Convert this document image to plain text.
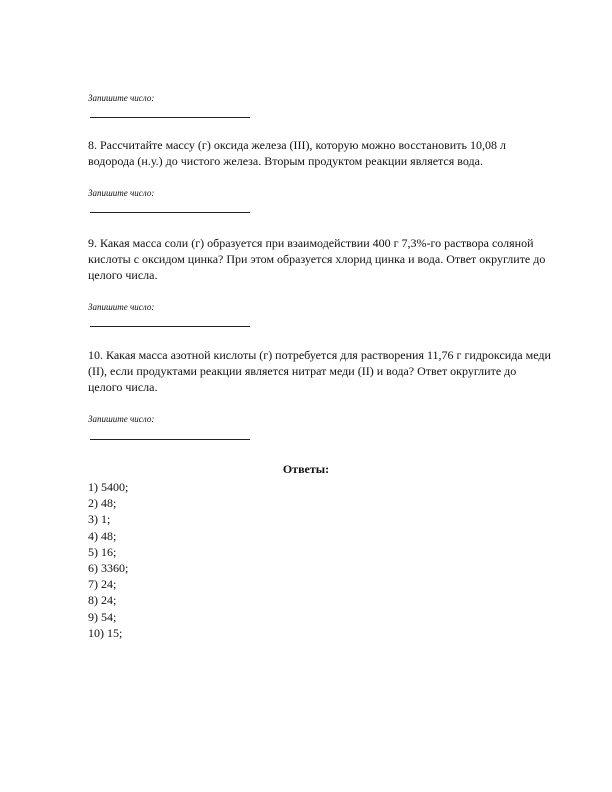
Запишите число:
8. Рассчитайте массу (г) оксида железа (III), которую можно восстановить 10,08 л водорода (н.у.) до чистого железа. Вторым продуктом реакции является вода.
Запишите число:
9. Какая масса соли (г) образуется при взаимодействии 400 г 7,3%-го раствора соляной кислоты с оксидом цинка? При этом образуется хлорид цинка и вода. Ответ округлите до целого числа.
Запишите число:
10. Какая масса азотной кислоты (г) потребуется для растворения 11,76 г гидроксида меди (II), если продуктами реакции является нитрат меди (II) и вода? Ответ округлите до целого числа.
Запишите число:
Ответы:
1) 5400;
2) 48;
3) 1;
4) 48;
5) 16;
6) 3360;
7) 24;
8) 24;
9) 54;
10) 15;
